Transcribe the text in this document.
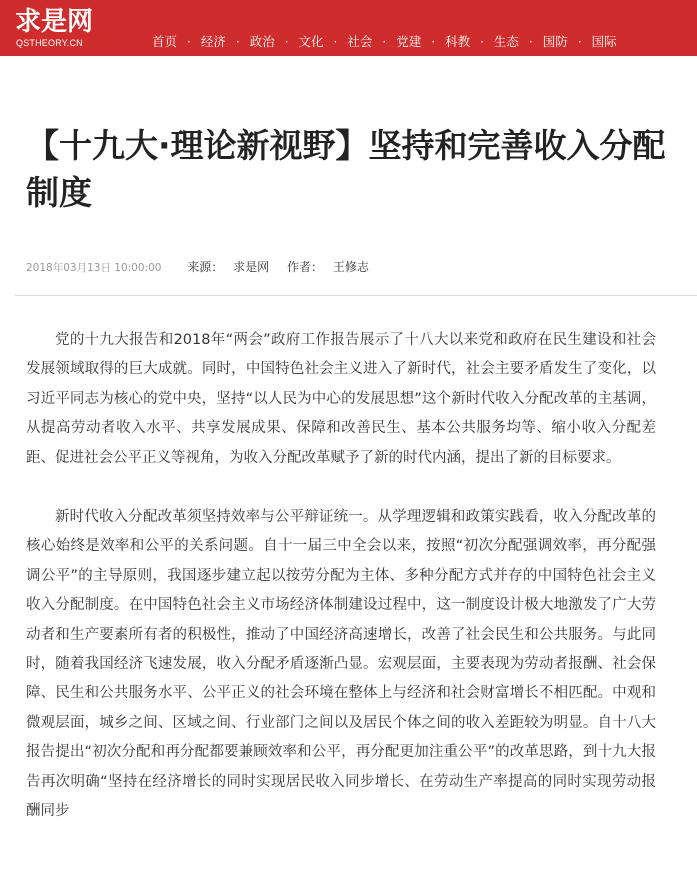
求是网
QSTHEORY.CN	首页 · 经济 · 政治 · 文化 · 社会 · 党建 · 科教 · 生态 · 国防 · 国际
【十九大·理论新视野】坚持和完善收入分配制度
2018年03月13日 10:00:00 来源： 求是网 作者： 王修志

党的十九大报告和2018年“两会”政府工作报告展示了十八大以来党和政府在民生建设和社会发展领域取得的巨大成就。同时，中国特色社会主义进入了新时代，社会主要矛盾发生了变化，以习近平同志为核心的党中央，坚持“以人民为中心的发展思想”这个新时代收入分配改革的主基调，从提高劳动者收入水平、共享发展成果、保障和改善民生、基本公共服务均等、缩小收入分配差距、促进社会公平正义等视角，为收入分配改革赋予了新的时代内涵，提出了新的目标要求。

新时代收入分配改革须坚持效率与公平辩证统一。从学理逻辑和政策实践看，收入分配改革的核心始终是效率和公平的关系问题。自十一届三中全会以来，按照“初次分配强调效率，再分配强调公平”的主导原则，我国逐步建立起以按劳分配为主体、多种分配方式并存的中国特色社会主义收入分配制度。在中国特色社会主义市场经济体制建设过程中，这一制度设计极大地激发了广大劳动者和生产要素所有者的积极性，推动了中国经济高速增长，改善了社会民生和公共服务。与此同时，随着我国经济飞速发展，收入分配矛盾逐渐凸显。宏观层面，主要表现为劳动者报酬、社会保障、民生和公共服务水平、公平正义的社会环境在整体上与经济和社会财富增长不相匹配。中观和微观层面，城乡之间、区域之间、行业部门之间以及居民个体之间的收入差距较为明显。自十八大报告提出“初次分配和再分配都要兼顾效率和公平，再分配更加注重公平”的改革思路，到十九大报告再次明确“坚持在经济增长的同时实现居民收入同步增长、在劳动生产率提高的同时实现劳动报酬同步
